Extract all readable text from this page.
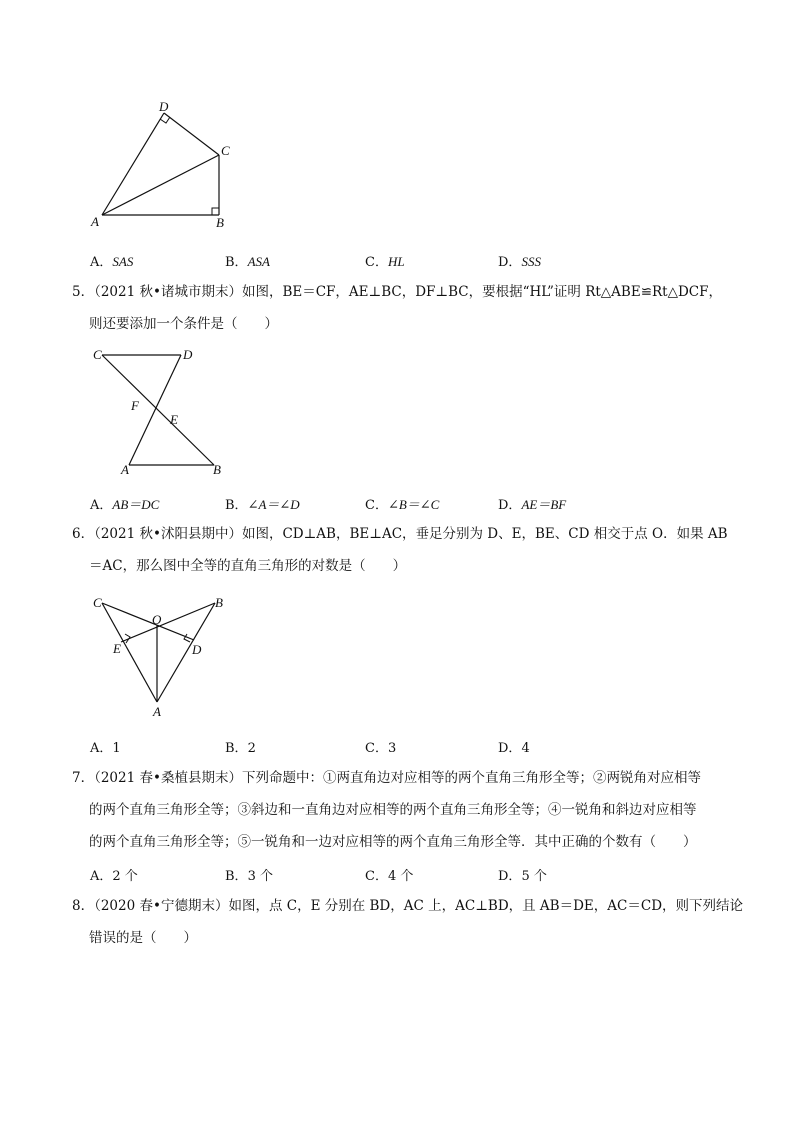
D
C
A	B
A．SAS	B．ASA	C．HL	D．SSS
5．（2021 秋•诸城市期末）如图，BE＝CF，AE⊥BC，DF⊥BC，要根据“HL”证明 Rt△ABE≌Rt△DCF，
则还要添加一个条件是（　　）
C	D
F
E
A	B
A．AB＝DC	B．∠A＝∠D	C．∠B＝∠C	D．AE＝BF
6．（2021 秋•沭阳县期中）如图，CD⊥AB，BE⊥AC，垂足分别为 D、E，BE、CD 相交于点 O．如果 AB
＝AC，那么图中全等的直角三角形的对数是（　　）
C	B
O
E	D
A
A．1	B．2	C．3	D．4
7．（2021 春•桑植县期末）下列命题中：①两直角边对应相等的两个直角三角形全等；②两锐角对应相等
的两个直角三角形全等；③斜边和一直角边对应相等的两个直角三角形全等；④一锐角和斜边对应相等
的两个直角三角形全等；⑤一锐角和一边对应相等的两个直角三角形全等．其中正确的个数有（　　）
A．2 个	B．3 个	C．4 个	D．5 个
8．（2020 春•宁德期末）如图，点 C，E 分别在 BD，AC 上，AC⊥BD，且 AB＝DE，AC＝CD，则下列结论
错误的是（　　）
